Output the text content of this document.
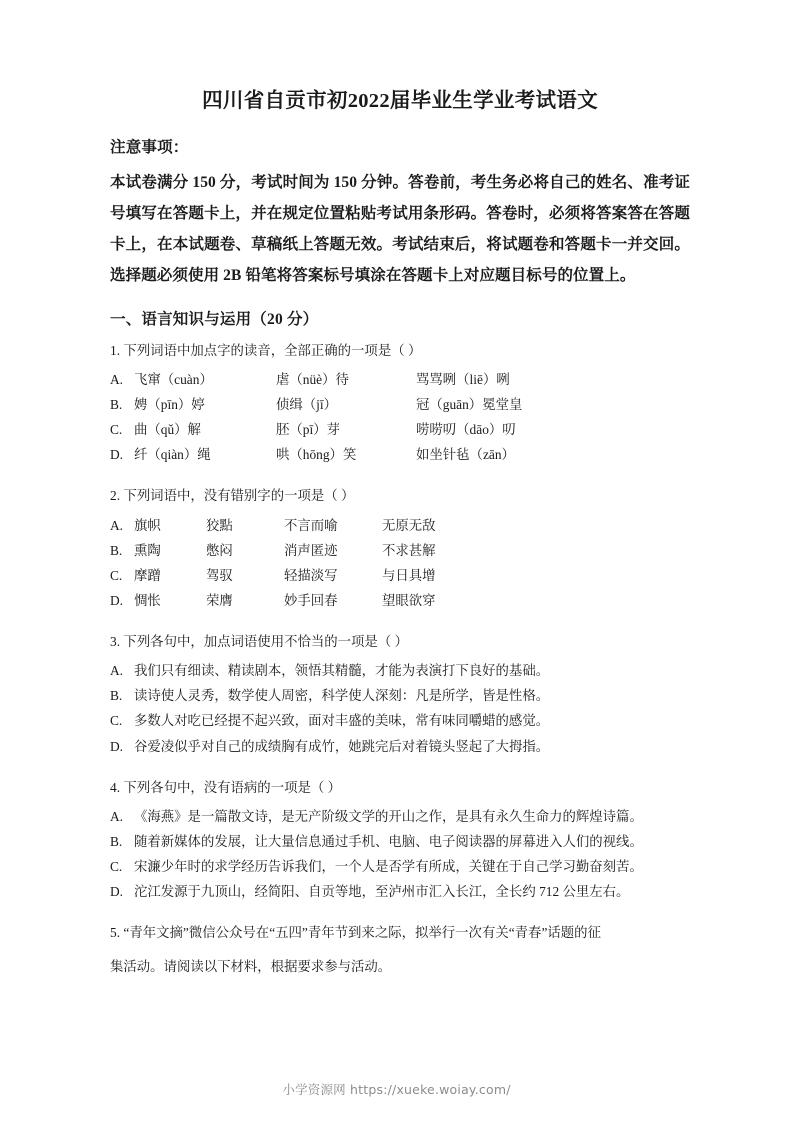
四川省自贡市初2022届毕业生学业考试语文

注意事项：

本试卷满分 150 分，考试时间为 150 分钟。答卷前，考生务必将自己的姓名、准考证号填写在答题卡上，并在规定位置粘贴考试用条形码。答卷时，必须将答案答在答题卡上，在本试题卷、草稿纸上答题无效。考试结束后，将试题卷和答题卡一并交回。选择题必须使用 2B 铅笔将答案标号填涂在答题卡上对应题目标号的位置上。

一、语言知识与运用（20 分）

1. 下列词语中加点字的读音，全部正确的一项是（ ）

A. 飞窜（cuàn）	虐（nüè）待	骂骂咧（liē）咧
B. 娉（pīn）婷	侦缉（jī）	冠（guān）冕堂皇
C. 曲（qǔ）解	胚（pī）芽	唠唠叨（dāo）叨
D. 纤（qiàn）绳	哄（hōng）笑	如坐针毡（zān）

2. 下列词语中，没有错别字的一项是（ ）

A. 旗帜	狡點	不言而喻	无原无敌
B. 熏陶	憋闷	消声匿迹	不求甚解
C. 摩蹭	驾驭	轻描淡写	与日具增
D. 惆怅	荣膺	妙手回春	望眼欲穿

3. 下列各句中，加点词语使用不恰当的一项是（ ）

A. 我们只有细读、精读剧本，领悟其精髓，才能为表演打下良好的基础。
B. 读诗使人灵秀，数学使人周密，科学使人深刻：凡是所学，皆是性格。
C. 多数人对吃已经提不起兴致，面对丰盛的美味，常有味同嚼蜡的感觉。
D. 谷爱凌似乎对自己的成绩胸有成竹，她跳完后对着镜头竖起了大拇指。

4. 下列各句中，没有语病的一项是（ ）

A. 《海燕》是一篇散文诗，是无产阶级文学的开山之作，是具有永久生命力的辉煌诗篇。
B. 随着新媒体的发展，让大量信息通过手机、电脑、电子阅读器的屏幕进入人们的视线。
C. 宋濂少年时的求学经历告诉我们，一个人是否学有所成，关键在于自己学习勤奋刻苦。
D. 沱江发源于九顶山，经简阳、自贡等地，至泸州市汇入长江，全长约 712 公里左右。

5. “青年文摘”微信公众号在“五四”青年节到来之际，拟举行一次有关“青春”话题的征

集活动。请阅读以下材料，根据要求参与活动。

小学资源网 https://xueke.woiay.com/
